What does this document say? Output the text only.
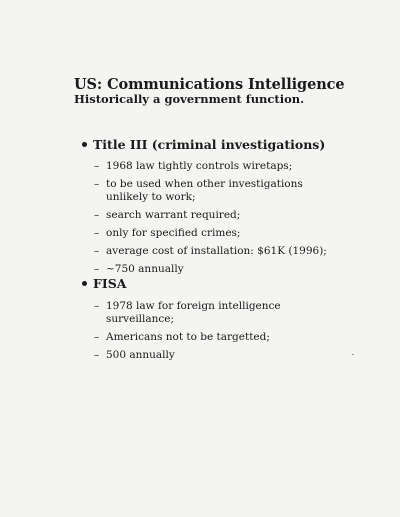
US: Communications Intelligence
Historically a government function.
Title III (criminal investigations)
– 1968 law tightly controls wiretaps;
– to be used when other investigations unlikely to work;
– search warrant required;
– only for specified crimes;
– average cost of installation: $61K (1996);
– ~750 annually
FISA
– 1978 law for foreign intelligence surveillance;
– Americans not to be targetted;
– 500 annually
